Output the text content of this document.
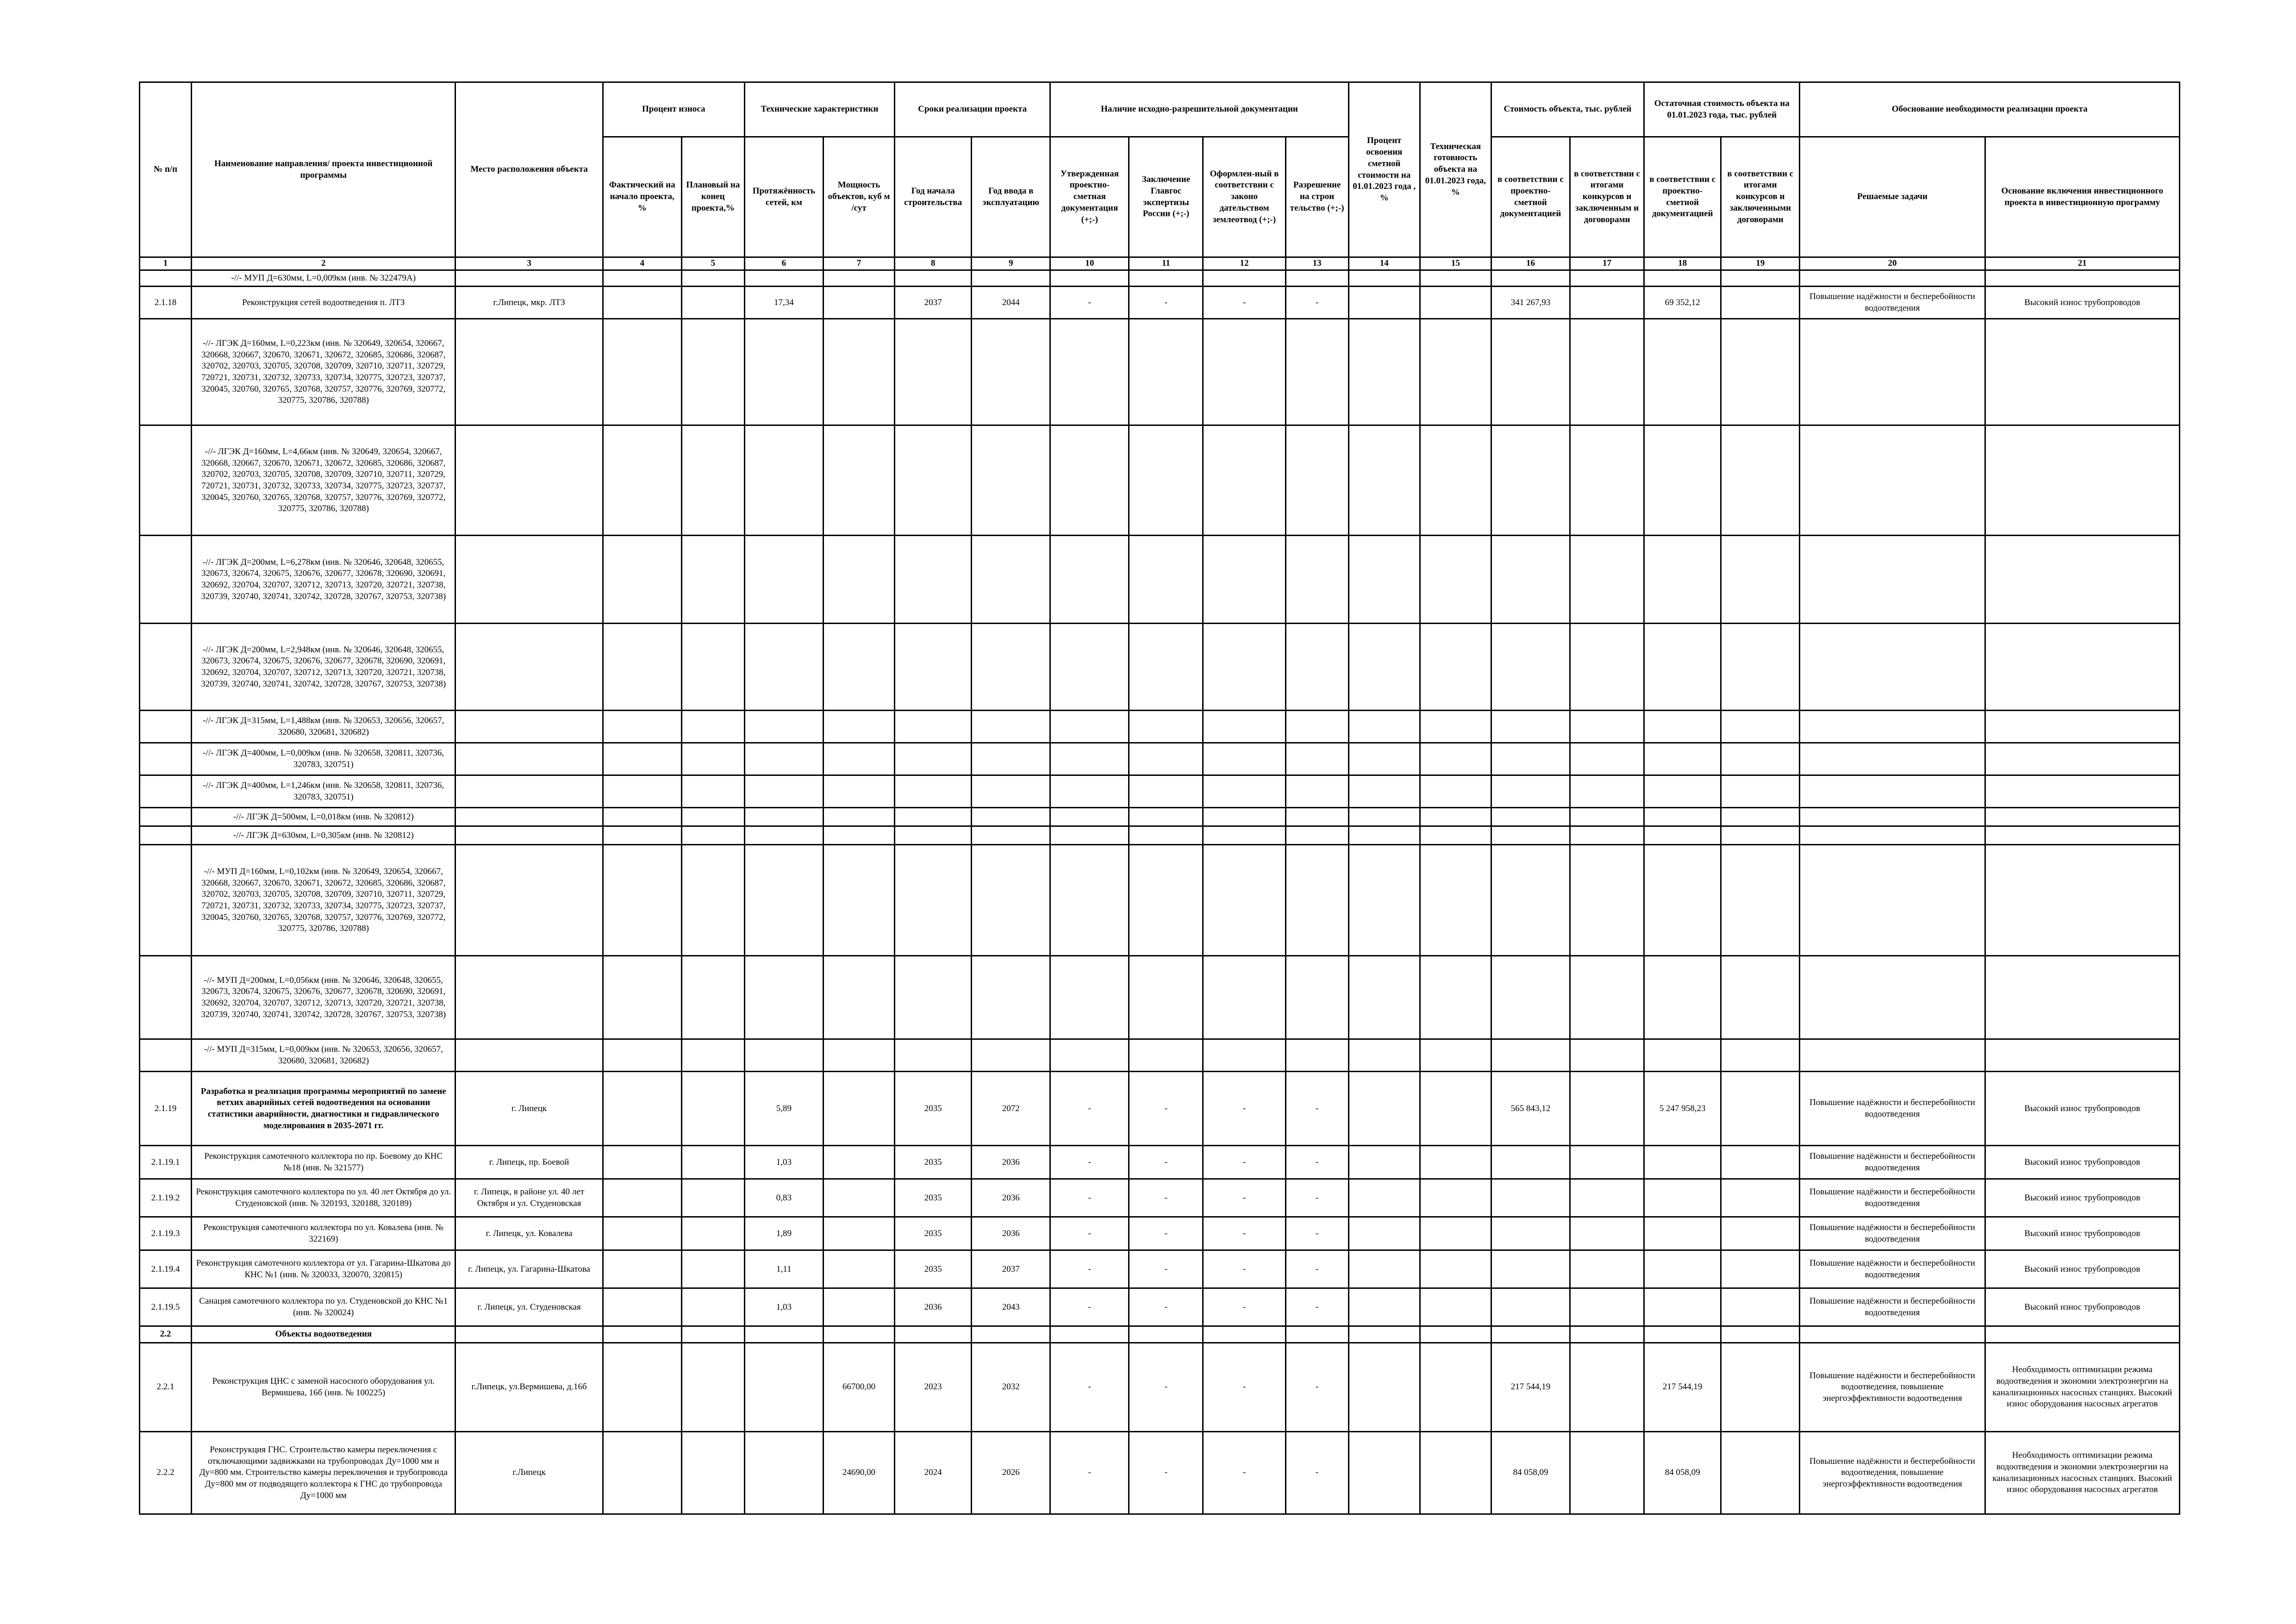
№ п/п	Наименование направления/ проекта инвестиционной программы	Место расположения объекта	Процент износа		Технические характеристики		Сроки реализации проекта		Наличие исходно-разрешительной документации				Процент освоения сметной стоимости на 01.01.2023 года , %	Техническая готовность объекта на 01.01.2023 года, %	Стоимость объекта, тыс. рублей		Остаточная стоимость объекта на 01.01.2023 года, тыс. рублей		Обоснование необходимости реализации проекта	
			Фактический на начало проекта, %	Плановый на конец проекта,%	Протяжённость сетей, км	Мощность объектов, куб м /сут	Год начала строительства	Год ввода в эксплуатацию	Утвержденная проектно-сметная документация (+;-)	Заключение Главгос экспертизы России (+;-)	Оформлен-ный в соответствии с законо дательством землеотвод (+;-)	Разрешение на строи тельство (+;-)			в соответствии с проектно-сметной документацией	в соответствии с итогами конкурсов и заключенным и договорами	в соответствии с проектно-сметной документацией	в соответствии с итогами конкурсов и заключенными договорами	Решаемые задачи	Основание включения инвестиционного проекта в инвестиционную программу
1	2	3	4	5	6	7	8	9	10	11	12	13	14	15	16	17	18	19	20	21
	-//- МУП Д=630мм, L=0,009км (инв. № 322479А)																			
2.1.18	Реконструкция сетей водоотведения п. ЛТЗ	г.Липецк, мкр. ЛТЗ			17,34		2037	2044	-	-	-	-			341 267,93		69 352,12		Повышение надёжности и бесперебойности водоотведения	Высокий износ трубопроводов
	-//- ЛГЭК Д=160мм, L=0,223км (инв. № 320649, 320654, 320667, 320668, 320667, 320670, 320671, 320672, 320685, 320686, 320687, 320702, 320703, 320705, 320708, 320709, 320710, 320711, 320729, 720721, 320731, 320732, 320733, 320734, 320775, 320723, 320737, 320045, 320760, 320765, 320768, 320757, 320776, 320769, 320772, 320775, 320786, 320788)																			
	-//- ЛГЭК Д=160мм, L=4,66км (инв. № 320649, 320654, 320667, 320668, 320667, 320670, 320671, 320672, 320685, 320686, 320687, 320702, 320703, 320705, 320708, 320709, 320710, 320711, 320729, 720721, 320731, 320732, 320733, 320734, 320775, 320723, 320737, 320045, 320760, 320765, 320768, 320757, 320776, 320769, 320772, 320775, 320786, 320788)																			
	-//- ЛГЭК Д=200мм, L=6,278км (инв. № 320646, 320648, 320655, 320673, 320674, 320675, 320676, 320677, 320678, 320690, 320691, 320692, 320704, 320707, 320712, 320713, 320720, 320721, 320738, 320739, 320740, 320741, 320742, 320728, 320767, 320753, 320738)																			
	-//- ЛГЭК Д=200мм, L=2,948км (инв. № 320646, 320648, 320655, 320673, 320674, 320675, 320676, 320677, 320678, 320690, 320691, 320692, 320704, 320707, 320712, 320713, 320720, 320721, 320738, 320739, 320740, 320741, 320742, 320728, 320767, 320753, 320738)																			
	-//- ЛГЭК Д=315мм, L=1,488км (инв. № 320653, 320656, 320657, 320680, 320681, 320682)																			
	-//- ЛГЭК Д=400мм, L=0,009км (инв. № 320658, 320811, 320736, 320783, 320751)																			
	-//- ЛГЭК Д=400мм, L=1,246км (инв. № 320658, 320811, 320736, 320783, 320751)																			
	-//- ЛГЭК Д=500мм, L=0,018км (инв. № 320812)																			
	-//- ЛГЭК Д=630мм, L=0,305км (инв. № 320812)																			
	-//- МУП Д=160мм, L=0,102км (инв. № 320649, 320654, 320667, 320668, 320667, 320670, 320671, 320672, 320685, 320686, 320687, 320702, 320703, 320705, 320708, 320709, 320710, 320711, 320729, 720721, 320731, 320732, 320733, 320734, 320775, 320723, 320737, 320045, 320760, 320765, 320768, 320757, 320776, 320769, 320772, 320775, 320786, 320788)																			
	-//- МУП Д=200мм, L=0,056км (инв. № 320646, 320648, 320655, 320673, 320674, 320675, 320676, 320677, 320678, 320690, 320691, 320692, 320704, 320707, 320712, 320713, 320720, 320721, 320738, 320739, 320740, 320741, 320742, 320728, 320767, 320753, 320738)																			
	-//- МУП Д=315мм, L=0,009км (инв. № 320653, 320656, 320657, 320680, 320681, 320682)																			
2.1.19	Разработка и реализация программы мероприятий по замене ветхих аварийных сетей водоотведения на основании статистики аварийности, диагностики и гидравлического моделирования в 2035-2071 гг.	г. Липецк			5,89		2035	2072	-	-	-	-			565 843,12		5 247 958,23		Повышение надёжности и бесперебойности водоотведения	Высокий износ трубопроводов
2.1.19.1	Реконструкция самотечного коллектора по пр. Боевому до КНС №18 (инв. № 321577)	г. Липецк, пр. Боевой			1,03		2035	2036	-	-	-	-							Повышение надёжности и бесперебойности водоотведения	Высокий износ трубопроводов
2.1.19.2	Реконструкция самотечного коллектора по ул. 40 лет Октября до ул. Студеновской (инв. № 320193, 320188, 320189)	г. Липецк, в районе ул. 40 лет Октября и ул. Студеновская			0,83		2035	2036	-	-	-	-							Повышение надёжности и бесперебойности водоотведения	Высокий износ трубопроводов
2.1.19.3	Реконструкция самотечного коллектора по ул. Ковалева (инв. № 322169)	г. Липецк, ул. Ковалева			1,89		2035	2036	-	-	-	-							Повышение надёжности и бесперебойности водоотведения	Высокий износ трубопроводов
2.1.19.4	Реконструкция самотечного коллектора от ул. Гагарина-Шкатова до КНС №1 (инв. № 320033, 320070, 320815)	г. Липецк, ул. Гагарина-Шкатова			1,11		2035	2037	-	-	-	-							Повышение надёжности и бесперебойности водоотведения	Высокий износ трубопроводов
2.1.19.5	Санация самотечного коллектора по ул. Студеновской до КНС №1 (инв. № 320024)	г. Липецк, ул. Студеновская			1,03		2036	2043	-	-	-	-							Повышение надёжности и бесперебойности водоотведения	Высокий износ трубопроводов
2.2	Объекты водоотведения																			
2.2.1	Реконструкция ЦНС с заменой насосного оборудования ул. Вермишева, 16б (инв. № 100225)	г.Липецк, ул.Вермишева, д.16б				66700,00	2023	2032	-	-	-	-			217 544,19		217 544,19		Повышение надёжности и бесперебойности водоотведения, повышение энергоэффективности водоотведения	Необходимость оптимизации режима водоотведения и экономии электроэнергии на канализационных насосных станциях. Высокий износ оборудования насосных агрегатов
2.2.2	Реконструкция ГНС. Строительство камеры переключения с отключающими задвижками на трубопроводах Ду=1000 мм и Ду=800 мм. Строительство камеры переключения и трубопровода Ду=800 мм от подводящего коллектора к ГНС до трубопровода Ду=1000 мм	г.Липецк				24690,00	2024	2026	-	-	-	-			84 058,09		84 058,09		Повышение надёжности и бесперебойности водоотведения, повышение энергоэффективности водоотведения	Необходимость оптимизации режима водоотведения и экономии электроэнергии на канализационных насосных станциях. Высокий износ оборудования насосных агрегатов
